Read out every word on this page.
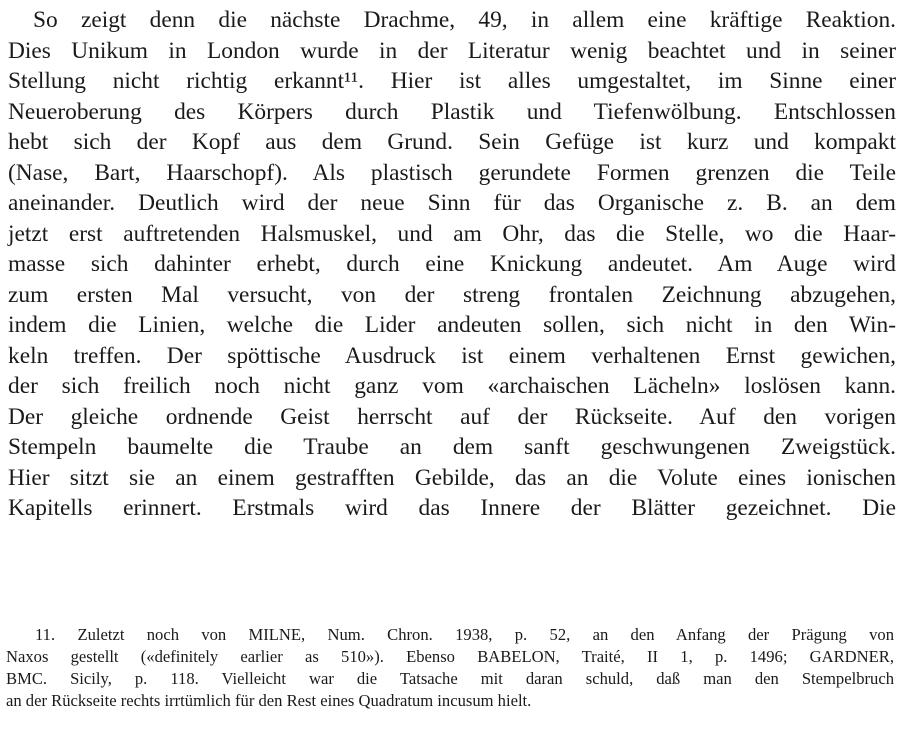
So zeigt denn die nächste Drachme, 49, in allem eine kräftige Reaktion.
Dies Unikum in London wurde in der Literatur wenig beachtet und in seiner
Stellung nicht richtig erkannt¹¹. Hier ist alles umgestaltet, im Sinne einer
Neueroberung des Körpers durch Plastik und Tiefenwölbung. Entschlossen
hebt sich der Kopf aus dem Grund. Sein Gefüge ist kurz und kompakt
(Nase, Bart, Haarschopf). Als plastisch gerundete Formen grenzen die Teile
aneinander. Deutlich wird der neue Sinn für das Organische z. B. an dem
jetzt erst auftretenden Halsmuskel, und am Ohr, das die Stelle, wo die Haar-
masse sich dahinter erhebt, durch eine Knickung andeutet. Am Auge wird
zum ersten Mal versucht, von der streng frontalen Zeichnung abzugehen,
indem die Linien, welche die Lider andeuten sollen, sich nicht in den Win-
keln treffen. Der spöttische Ausdruck ist einem verhaltenen Ernst gewichen,
der sich freilich noch nicht ganz vom «archaischen Lächeln» loslösen kann.
Der gleiche ordnende Geist herrscht auf der Rückseite. Auf den vorigen
Stempeln baumelte die Traube an dem sanft geschwungenen Zweigstück.
Hier sitzt sie an einem gestrafften Gebilde, das an die Volute eines ionischen
Kapitells erinnert. Erstmals wird das Innere der Blätter gezeichnet. Die
11. Zuletzt noch von MILNE, Num. Chron. 1938, p. 52, an den Anfang der Prägung von
Naxos gestellt («definitely earlier as 510»). Ebenso BABELON, Traité, II 1, p. 1496; GARDNER,
BMC. Sicily, p. 118. Vielleicht war die Tatsache mit daran schuld, daß man den Stempelbruch
an der Rückseite rechts irrtümlich für den Rest eines Quadratum incusum hielt.
